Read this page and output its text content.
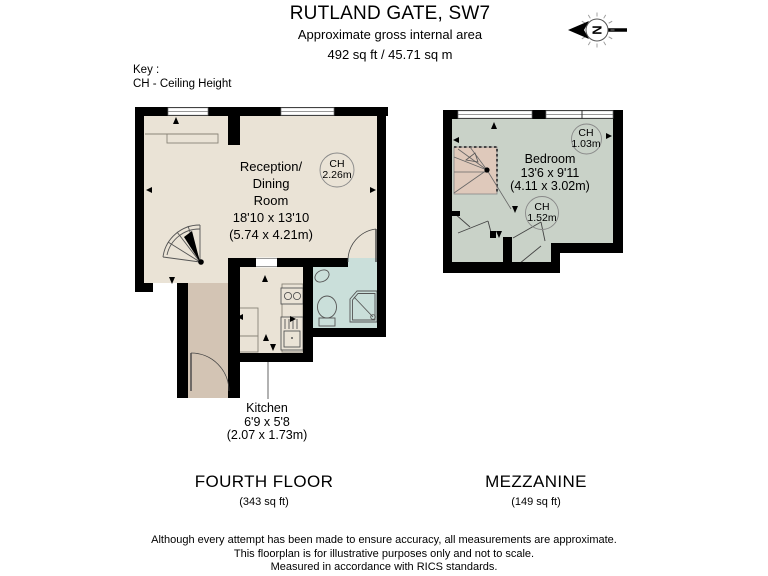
N
RUTLAND GATE, SW7
Approximate gross internal area
492 sq ft / 45.71 sq m
Key :
CH - Ceiling Height
Reception/
Dining
Room
18'10 x 13'10
(5.74 x 4.21m)
CH
2.26m
Kitchen
6'9 x 5'8
(2.07 x 1.73m)
Bedroom
13'6 x 9'11
(4.11 x 3.02m)
CH
1.03m
CH
1.52m
FOURTH FLOOR
(343 sq ft)
MEZZANINE
(149 sq ft)
Although every attempt has been made to ensure accuracy, all measurements are approximate.
This floorplan is for illustrative purposes only and not to scale.
Measured in accordance with RICS standards.
